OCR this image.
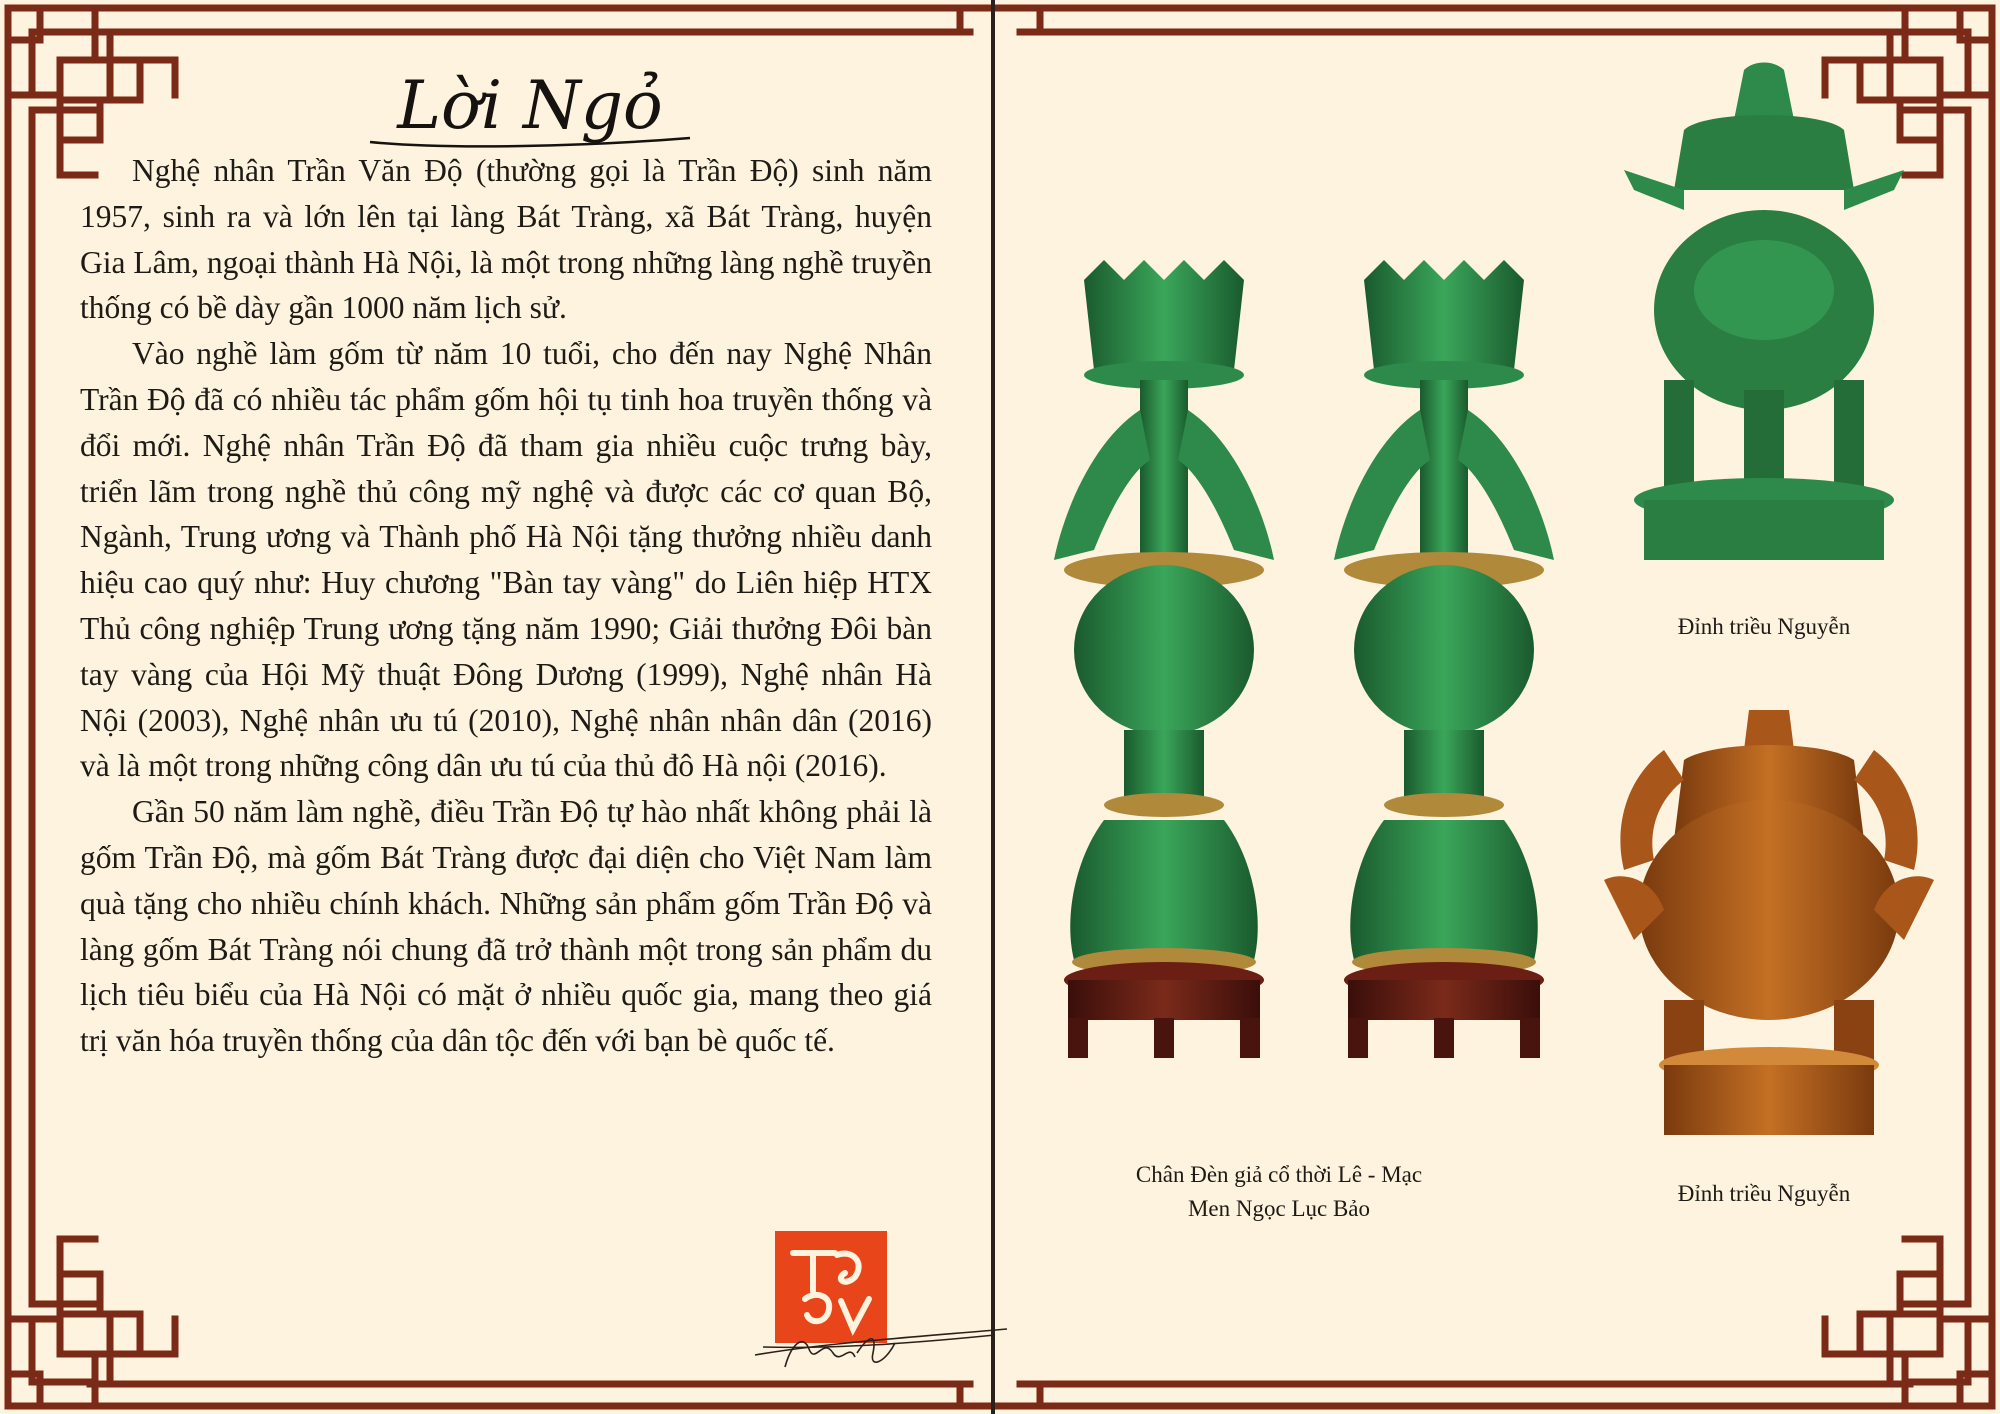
Lời Ngỏ

Nghệ nhân Trần Văn Độ (thường gọi là Trần Độ) sinh năm 1957, sinh ra và lớn lên tại làng Bát Tràng, xã Bát Tràng, huyện Gia Lâm, ngoại thành Hà Nội, là một trong những làng nghề truyền thống có bề dày gần 1000 năm lịch sử.

Vào nghề làm gốm từ năm 10 tuổi, cho đến nay Nghệ Nhân Trần Độ đã có nhiều tác phẩm gốm hội tụ tinh hoa truyền thống và đổi mới. Nghệ nhân Trần Độ đã tham gia nhiều cuộc trưng bày, triển lãm trong nghề thủ công mỹ nghệ và được các cơ quan Bộ, Ngành, Trung ương và Thành phố Hà Nội tặng thưởng nhiều danh hiệu cao quý như: Huy chương "Bàn tay vàng" do Liên hiệp HTX Thủ công nghiệp Trung ương tặng năm 1990; Giải thưởng Đôi bàn tay vàng của Hội Mỹ thuật Đông Dương (1999), Nghệ nhân Hà Nội (2003), Nghệ nhân ưu tú (2010), Nghệ nhân nhân dân (2016) và là một trong những công dân ưu tú của thủ đô Hà nội (2016).

Gần 50 năm làm nghề, điều Trần Độ tự hào nhất không phải là gốm Trần Độ, mà gốm Bát Tràng được đại diện cho Việt Nam làm quà tặng cho nhiều chính khách. Những sản phẩm gốm Trần Độ và làng gốm Bát Tràng nói chung đã trở thành một trong sản phẩm du lịch tiêu biểu của Hà Nội có mặt ở nhiều quốc gia, mang theo giá trị văn hóa truyền thống của dân tộc đến với bạn bè quốc tế.

Chân Đèn giả cổ thời Lê - Mạc
Men Ngọc Lục Bảo
Đỉnh triều Nguyễn
Đỉnh triều Nguyễn
